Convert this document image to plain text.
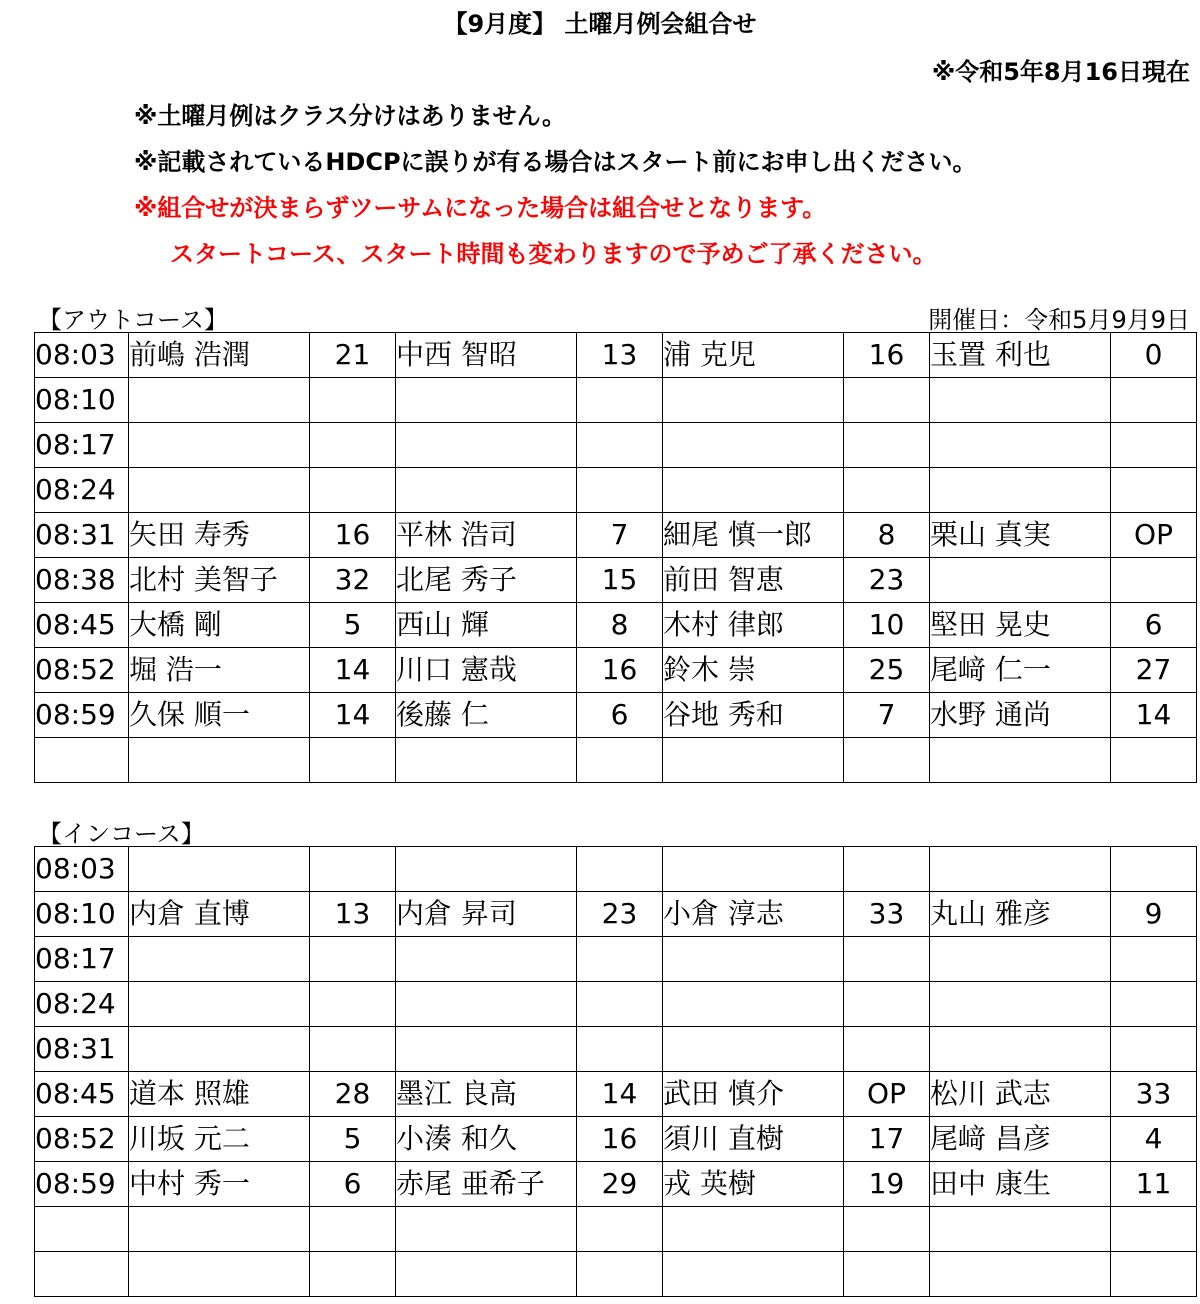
【9月度】 土曜月例会組合せ
※令和5年8月16日現在
※土曜月例はクラス分けはありません。
※記載されているHDCPに誤りが有る場合はスタート前にお申し出ください。
※組合せが決まらずツーサムになった場合は組合せとなります。
スタートコース、スタート時間も変わりますので予めご了承ください。
【アウトコース】	開催日：令和5月9月9日
08:03	前嶋 浩潤	21	中西 智昭	13	浦 克児	16	玉置 利也	0
08:10								
08:17								
08:24								
08:31	矢田 寿秀	16	平林 浩司	7	細尾 慎一郎	8	栗山 真実	OP
08:38	北村 美智子	32	北尾 秀子	15	前田 智恵	23		
08:45	大橋 剛	5	西山 輝	8	木村 律郎	10	堅田 晃史	6
08:52	堀 浩一	14	川口 憲哉	16	鈴木 崇	25	尾﨑 仁一	27
08:59	久保 順一	14	後藤 仁	6	谷地 秀和	7	水野 通尚	14

【インコース】
08:03								
08:10	内倉 直博	13	内倉 昇司	23	小倉 淳志	33	丸山 雅彦	9
08:17								
08:24								
08:31								
08:45	道本 照雄	28	墨江 良高	14	武田 慎介	OP	松川 武志	33
08:52	川坂 元二	5	小湊 和久	16	須川 直樹	17	尾﨑 昌彦	4
08:59	中村 秀一	6	赤尾 亜希子	29	戎 英樹	19	田中 康生	11
